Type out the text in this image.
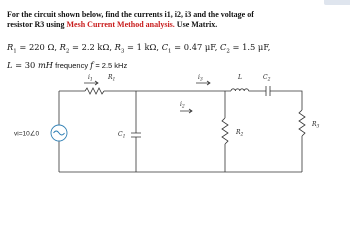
For the circuit shown below, find the currents i1, i2, i3 and the voltage of
resistor R3 using Mesh Current Method analysis. Use Matrix.
$R_1 = 220$ Ω, $R_2 = 2.2$ kΩ, $R_3 = 1$ kΩ, $C_1 = 0.47$ μF, $C_2 = 1.5$ μF,
L = 30 mH frequency f = 2.5 kHz
vi=10∠0
$i_1$	$R_1$
$i_2$
$i_3$	L	$C_2$
$C_1$
$R_2$
$R_3$
